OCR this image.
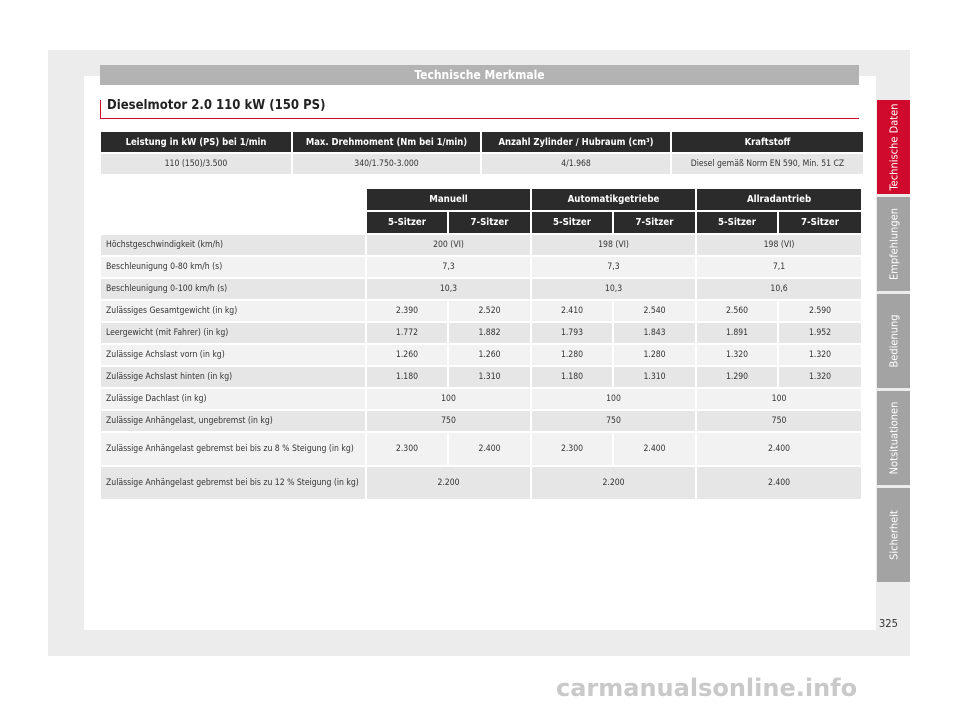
Technische Merkmale
Dieselmotor 2.0 110 kW (150 PS)
Leistung in kW (PS) bei 1/min	Max. Drehmoment (Nm bei 1/min)	Anzahl Zylinder / Hubraum (cm³)	Kraftstoff
110 (150)/3.500	340/1.750-3.000	4/1.968	Diesel gemäß Norm EN 590, Min. 51 CZ
	Manuell		Automatikgetriebe		Allradantrieb	
	5-Sitzer	7-Sitzer	5-Sitzer	7-Sitzer	5-Sitzer	7-Sitzer
Höchstgeschwindigkeit (km/h)	200 (VI)		198 (VI)		198 (VI)	
Beschleunigung 0-80 km/h (s)	7,3		7,3		7,1	
Beschleunigung 0-100 km/h (s)	10,3		10,3		10,6	
Zulässiges Gesamtgewicht (in kg)	2.390	2.520	2.410	2.540	2.560	2.590
Leergewicht (mit Fahrer) (in kg)	1.772	1.882	1.793	1.843	1.891	1.952
Zulässige Achslast vorn (in kg)	1.260	1.260	1.280	1.280	1.320	1.320
Zulässige Achslast hinten (in kg)	1.180	1.310	1.180	1.310	1.290	1.320
Zulässige Dachlast (in kg)	100		100		100	
Zulässige Anhängelast, ungebremst (in kg)	750		750		750	
Zulässige Anhängelast gebremst bei bis zu 8 % Steigung (in kg)	2.300	2.400	2.300	2.400	2.400	
Zulässige Anhängelast gebremst bei bis zu 12 % Steigung (in kg)	2.200		2.200		2.400	
Technische Daten
Empfehlungen
Bedienung
Notsituationen
Sicherheit
325
carmanualsonline.info
